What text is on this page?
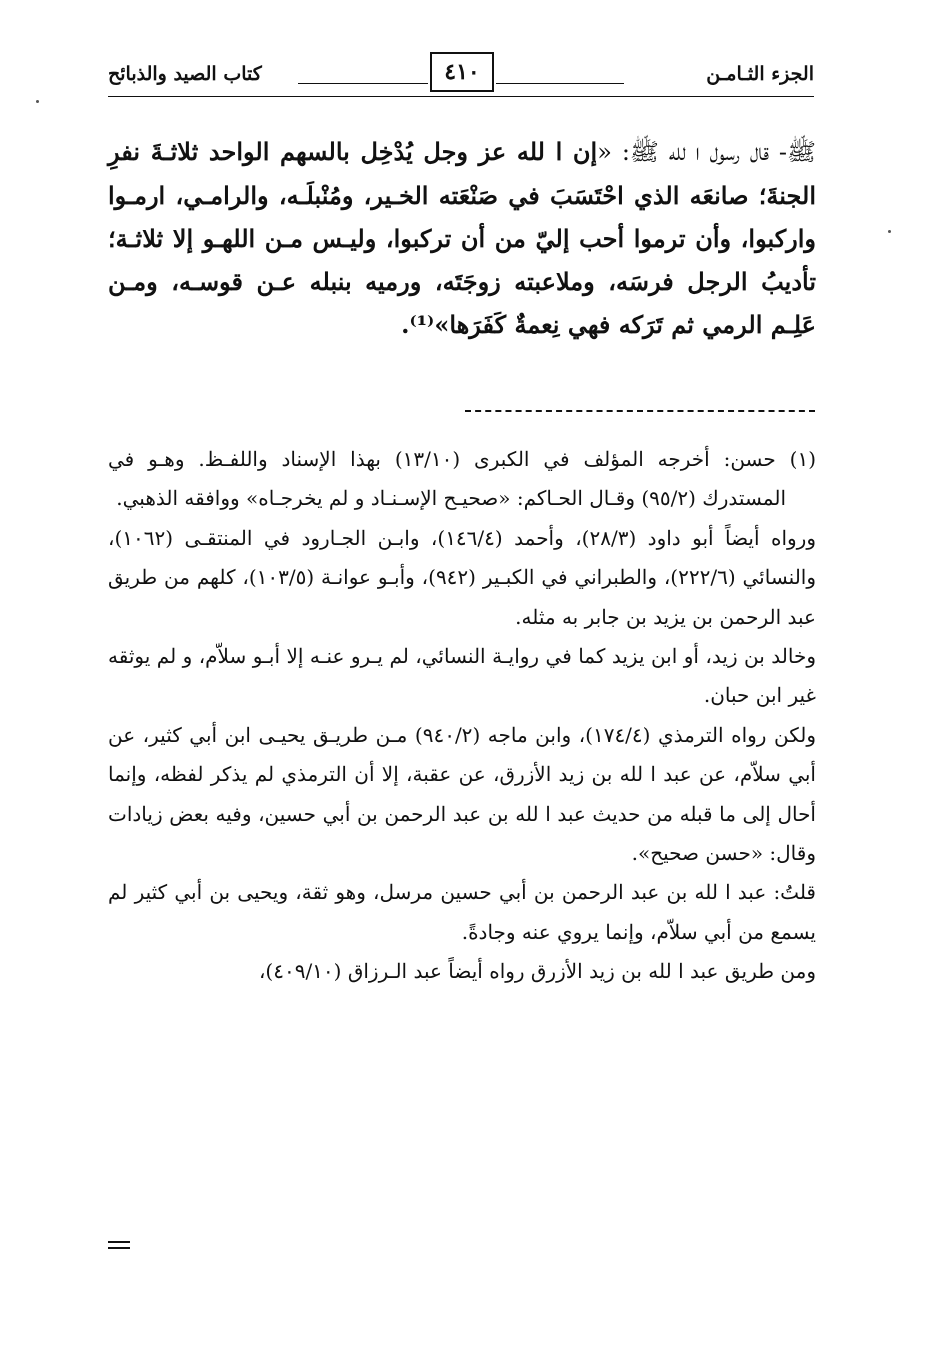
الجزء الثـامـن
٤١٠
كتاب الصيد والذبائح
ﷺ- قال رسول ا لله ﷺ: «إن ا لله عز وجل يُدْخِل بالسهم الواحد ثلاثـةَ نفرِ الجنةَ؛ صانعَه الذي احْتَسَبَ في صَنْعَته الخـير، ومُنْبلَـه، والرامـي، ارمـوا واركبوا، وأن ترموا أحب إليّ من أن تركبوا، وليـس مـن اللهـو إلا ثلاثـة؛ تأديبُ الرجل فرسَه، وملاعبته زوجَتَه، ورميه بنبله عـن قوسـه، ومـن عَلِـم الرمي ثم تَرَكه فهي نِعمةٌ كَفَرَها»⁽¹⁾.

(١) حسن: أخرجه المؤلف في الكبرى (١٣/١٠) بهذا الإسناد واللفـظ. وهـو في المستدرك (٩٥/٢) وقـال الحـاكم: «صحيـح الإسـنـاد و لم يخرجـاه» ووافقه الذهبي.

ورواه أيضاً أبو داود (٢٨/٣)، وأحمد (١٤٦/٤)، وابـن الجـارود في المنتقـى (١٠٦٢)، والنسائي (٢٢٢/٦)، والطبراني في الكبـير (٩٤٢)، وأبـو عوانـة (١٠٣/٥)، كلهم من طريق عبد الرحمن بن يزيد بن جابر به مثله.

وخالد بن زيد، أو ابن يزيد كما في روايـة النسائي، لم يـرو عنـه إلا أبـو سلاّم، و لم يوثقه غير ابن حبان.

ولكن رواه الترمذي (١٧٤/٤)، وابن ماجه (٩٤٠/٢) مـن طريـق يحيـى ابن أبي كثير، عن أبي سلاّم، عن عبد ا لله بن زيد الأزرق، عن عقبة، إلا أن الترمذي لم يذكر لفظه، وإنما أحال إلى ما قبله من حديث عبد ا لله بن عبد الرحمن بن أبي حسين، وفيه بعض زيادات وقال: «حسن صحيح».

قلتُ: عبد ا لله بن عبد الرحمن بن أبي حسين مرسل، وهو ثقة، ويحيى بن أبي كثير لم يسمع من أبي سلاّم، وإنما يروي عنه وجادةً.

ومن طريق عبد ا لله بن زيد الأزرق رواه أيضاً عبد الـرزاق (٤٠٩/١٠)،
